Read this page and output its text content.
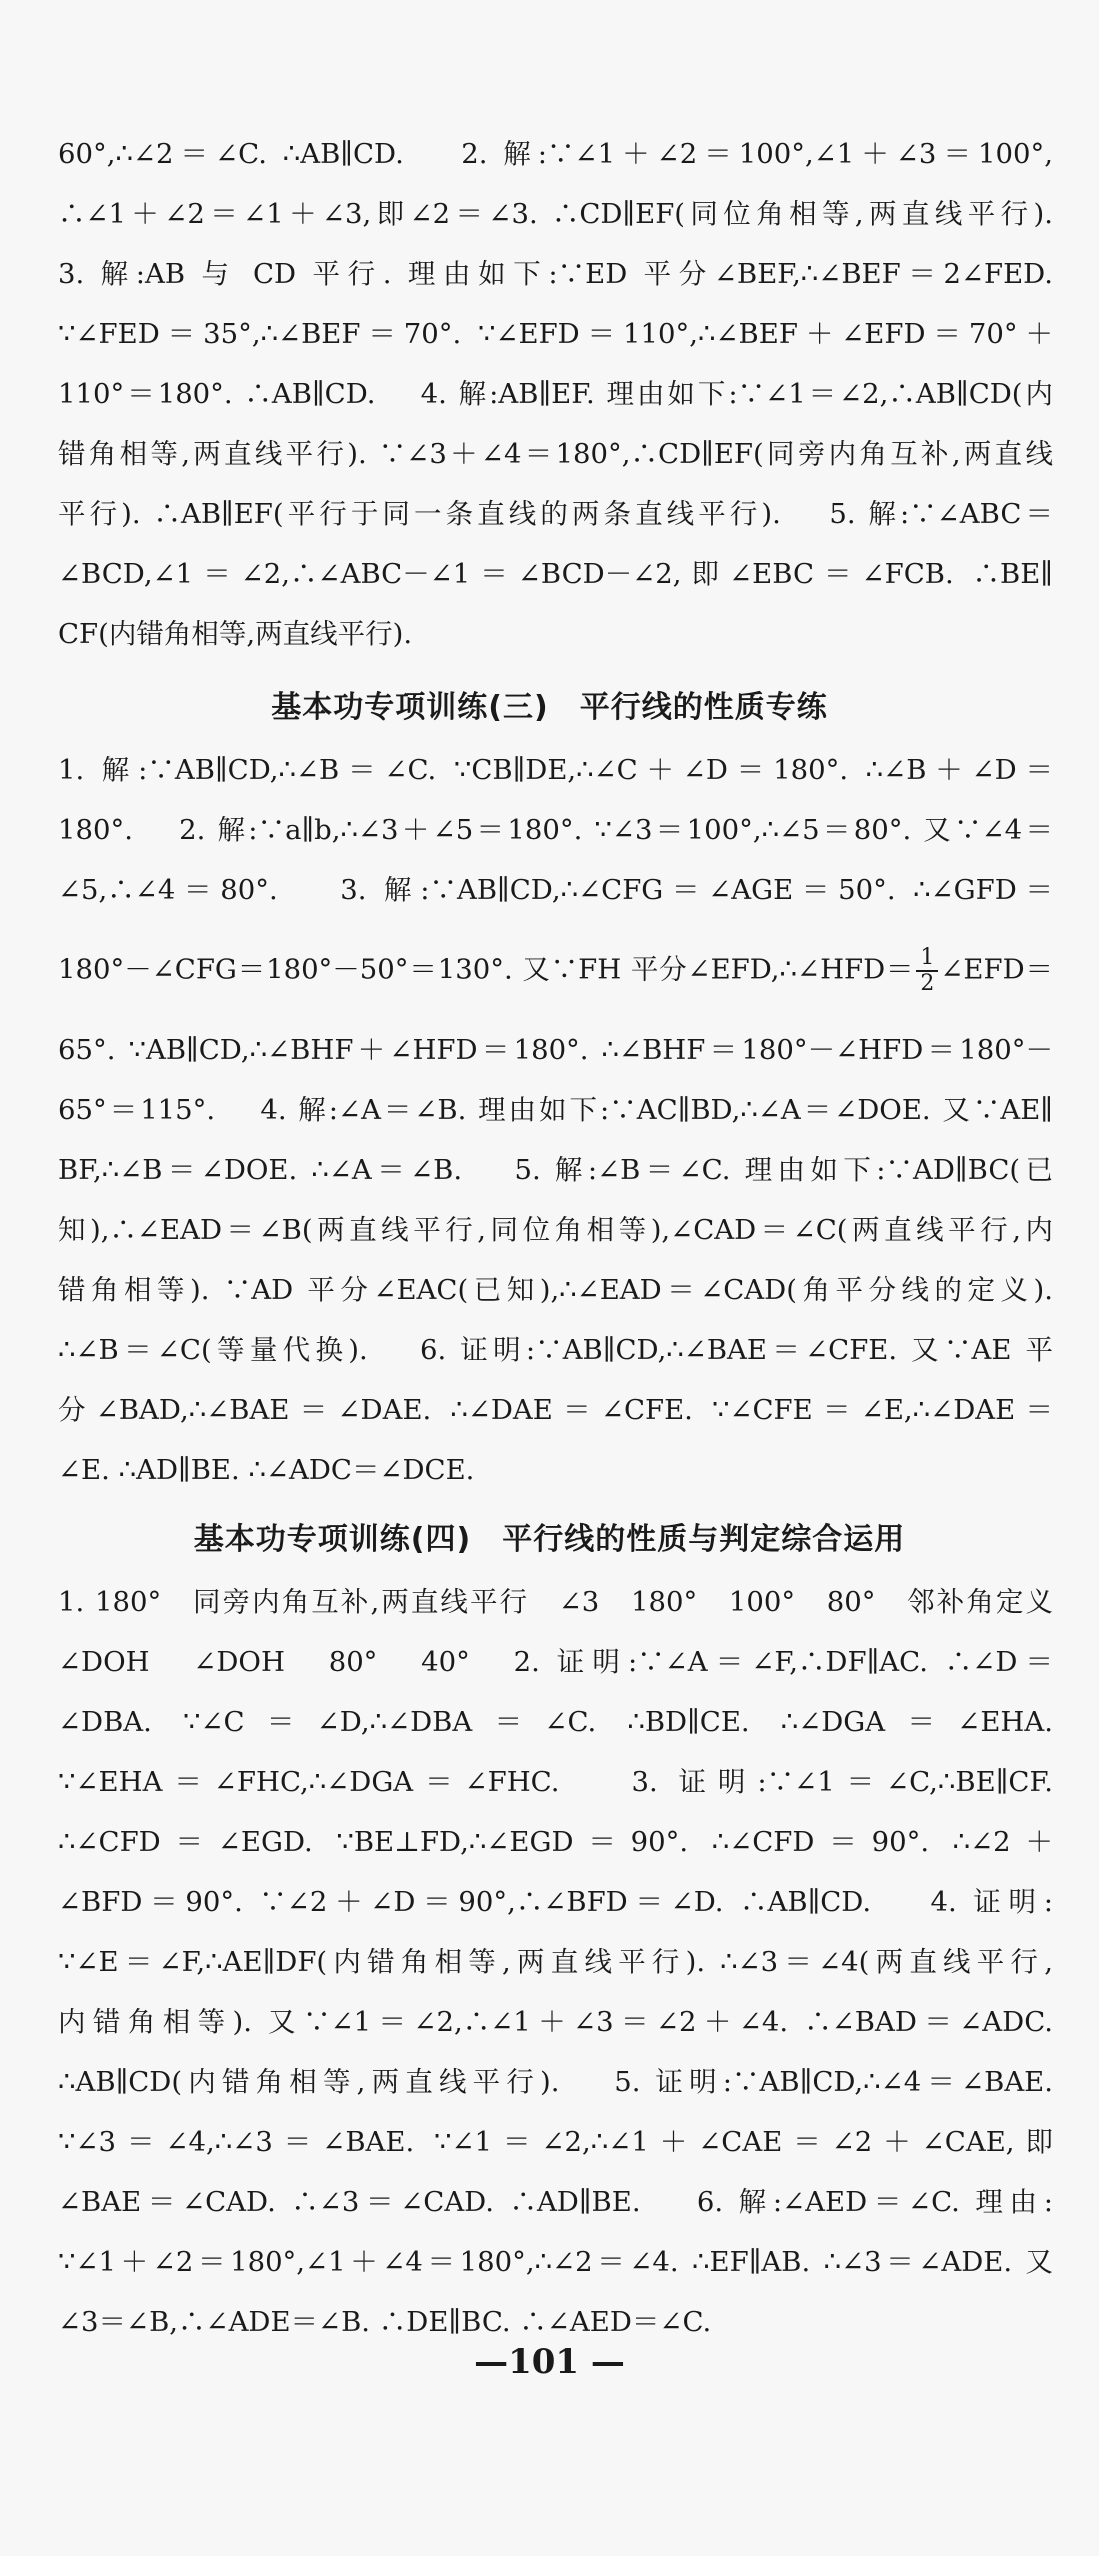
60°,∴∠2＝∠C. ∴AB∥CD.　 2. 解:∵∠1＋∠2＝100°,∠1＋∠3＝100°,
∴∠1＋∠2＝∠1＋∠3,即∠2＝∠3. ∴CD∥EF(同位角相等,两直线平行).
3. 解:AB 与 CD 平行. 理由如下:∵ED 平分∠BEF,∴∠BEF＝2∠FED.
∵∠FED＝35°,∴∠BEF＝70°. ∵∠EFD＝110°,∴∠BEF＋∠EFD＝70°＋
110°＝180°. ∴AB∥CD.　 4. 解:AB∥EF. 理由如下:∵∠1＝∠2,∴AB∥CD(内
错角相等,两直线平行). ∵∠3＋∠4＝180°,∴CD∥EF(同旁内角互补,两直线
平行). ∴AB∥EF(平行于同一条直线的两条直线平行).　 5. 解:∵∠ABC＝
∠BCD,∠1＝∠2,∴∠ABC－∠1＝∠BCD－∠2,即∠EBC＝∠FCB. ∴BE∥
CF(内错角相等,两直线平行).
基本功专项训练(三)　平行线的性质专练
1. 解:∵AB∥CD,∴∠B＝∠C. ∵CB∥DE,∴∠C＋∠D＝180°. ∴∠B＋∠D＝
180°.　 2. 解:∵a∥b,∴∠3＋∠5＝180°. ∵∠3＝100°,∴∠5＝80°. 又∵∠4＝
∠5,∴∠4＝80°.　 3. 解:∵AB∥CD,∴∠CFG＝∠AGE＝50°. ∴∠GFD＝
180°－∠CFG＝180°－50°＝130°. 又∵FH 平分∠EFD,∴∠HFD＝ $\frac{1}{2}$ ∠EFD＝
65°. ∵AB∥CD,∴∠BHF＋∠HFD＝180°. ∴∠BHF＝180°－∠HFD＝180°－
65°＝115°.　 4. 解:∠A＝∠B. 理由如下:∵AC∥BD,∴∠A＝∠DOE. 又∵AE∥
BF,∴∠B＝∠DOE. ∴∠A＝∠B.　 5. 解:∠B＝∠C. 理由如下:∵AD∥BC(已
知),∴∠EAD＝∠B(两直线平行,同位角相等),∠CAD＝∠C(两直线平行,内
错角相等). ∵AD 平分∠EAC(已知),∴∠EAD＝∠CAD(角平分线的定义).
∴∠B＝∠C(等量代换).　 6. 证明:∵AB∥CD,∴∠BAE＝∠CFE. 又∵AE 平
分∠BAD,∴∠BAE＝∠DAE. ∴∠DAE＝∠CFE. ∵∠CFE＝∠E,∴∠DAE＝
∠E. ∴AD∥BE. ∴∠ADC＝∠DCE.
基本功专项训练(四)　平行线的性质与判定综合运用
1. 180°　同旁内角互补,两直线平行　∠3　180°　100°　80°　邻补角定义
∠DOH　∠DOH　80°　40°　2. 证明:∵∠A＝∠F,∴DF∥AC. ∴∠D＝
∠DBA. ∵∠C＝∠D,∴∠DBA＝∠C. ∴BD∥CE. ∴∠DGA＝∠EHA.
∵∠EHA＝∠FHC,∴∠DGA＝∠FHC.　 3. 证明:∵∠1＝∠C,∴BE∥CF.
∴∠CFD＝∠EGD. ∵BE⊥FD,∴∠EGD＝90°. ∴∠CFD＝90°. ∴∠2＋
∠BFD＝90°. ∵∠2＋∠D＝90°,∴∠BFD＝∠D. ∴AB∥CD.　 4. 证明:
∵∠E＝∠F,∴AE∥DF(内错角相等,两直线平行). ∴∠3＝∠4(两直线平行,
内错角相等). 又∵∠1＝∠2,∴∠1＋∠3＝∠2＋∠4. ∴∠BAD＝∠ADC.
∴AB∥CD(内错角相等,两直线平行).　 5. 证明:∵AB∥CD,∴∠4＝∠BAE.
∵∠3＝∠4,∴∠3＝∠BAE. ∵∠1＝∠2,∴∠1＋∠CAE＝∠2＋∠CAE,即
∠BAE＝∠CAD. ∴∠3＝∠CAD. ∴AD∥BE.　 6. 解:∠AED＝∠C. 理由:
∵∠1＋∠2＝180°,∠1＋∠4＝180°,∴∠2＝∠4. ∴EF∥AB. ∴∠3＝∠ADE. 又
∠3＝∠B,∴∠ADE＝∠B. ∴DE∥BC. ∴∠AED＝∠C.
—101 —
